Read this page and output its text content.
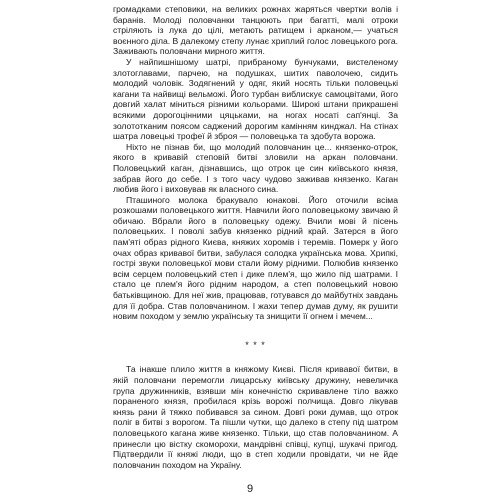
громадками степовики, на великих рожнах жаряться чвертки волів і баранів. Молоді половчанки танцюють при багатті, малі отроки стріляють із лука до цілі, метають ратищем і арканом,— учаться воєнного діла. В далекому степу лунає хриплий голос ловецького рога. Заживають половчани мирного життя.

У найпишнішому шатрі, прибраному бунчуками, вистеленому злотоглавами, парчею, на подушках, шитих паволочею, сидить молодий чоловік. Зодягнений у одяг, який носять тільки половецькі кагани та найвищі вельможі. Його турбан виблискує самоцвітами, його довгий халат міниться різними кольорами. Широкі штани прикрашені всякими дорогоцінними цяцьками, на ногах носаті сап'янці. За золототканим поясом саджений дорогим камінням кинджал. На стінах шатра ловецькі трофеї й зброя — половецька та здобута ворожа.

Ніхто не пізнав би, що молодий половчанин це... князенко-отрок, якого в кривавій степовій битві зловили на аркан половчани. Половецький каган, дізнавшись, що отрок це син київського князя, забрав його до себе. І з того часу чудово заживав князенко. Каган любив його і виховував як власного сина.

Пташиного молока бракувало юнакові. Його оточили всіма розкошами половецького життя. Навчили його половецькому звичаю й обичаю. Вбрали його в половецьку одежу. Вчили мові й пісень половецьких. І поволі забув князенко рідний край. Затерся в його пам'яті образ рідного Києва, княжих хоромів і теремів. Померк у його очах образ кривавої битви, забулася солодка українська мова. Хрипкі, гострі звуки половецької мови стали йому рідними. Полюбив князенко всім серцем половецький степ і дике плем'я, що жило під шатрами. І стало це плем'я його рідним народом, а степ половецький новою батьківщиною. Для неї жив, працював, готувався до майбутніх завдань для її добра. Став половчанином. І жахи тепер думав думу, як рушити новим походом у землю українську та знищити її огнем і мечем...

* * *

Та інакше плило життя в княжому Києві. Після кривавої битви, в якій половчани перемогли лицарську київську дружину, невеличка група дружинників, взявши мін конечністю скривавлене тіло важко пораненого князя, пробилася крізь ворожі полчища. Довго лікував князь рани й тяжко побивався за сином. Довгі роки думав, що отрок поліг в битві з ворогом. Та пішли чутки, що далеко в степу під шатром половецького кагана живе князенко. Тільки, що став половчанином. А принесли цю вістку скоморохи, мандрівні співці, купці, шукачі пригод. Підтвердили її княжі люди, що в степ ходили провідати, чи не йде половчанин походом на Україну.

9
